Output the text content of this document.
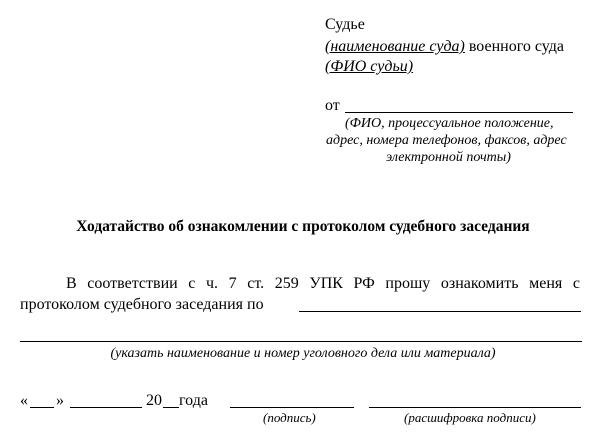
Судье
(наименование суда) военного суда
(ФИО судьи)
от
(ФИО, процессуальное положение,
адрес, номера телефонов, факсов, адрес
электронной почты)
Ходатайство об ознакомлении с протоколом судебного заседания
В соответствии с ч. 7 ст. 259 УПК РФ прошу ознакомить меня с
протоколом судебного заседания по
(указать наименование и номер уголовного дела или материала)
« »	20 года
(подпись)	(расшифровка подписи)
